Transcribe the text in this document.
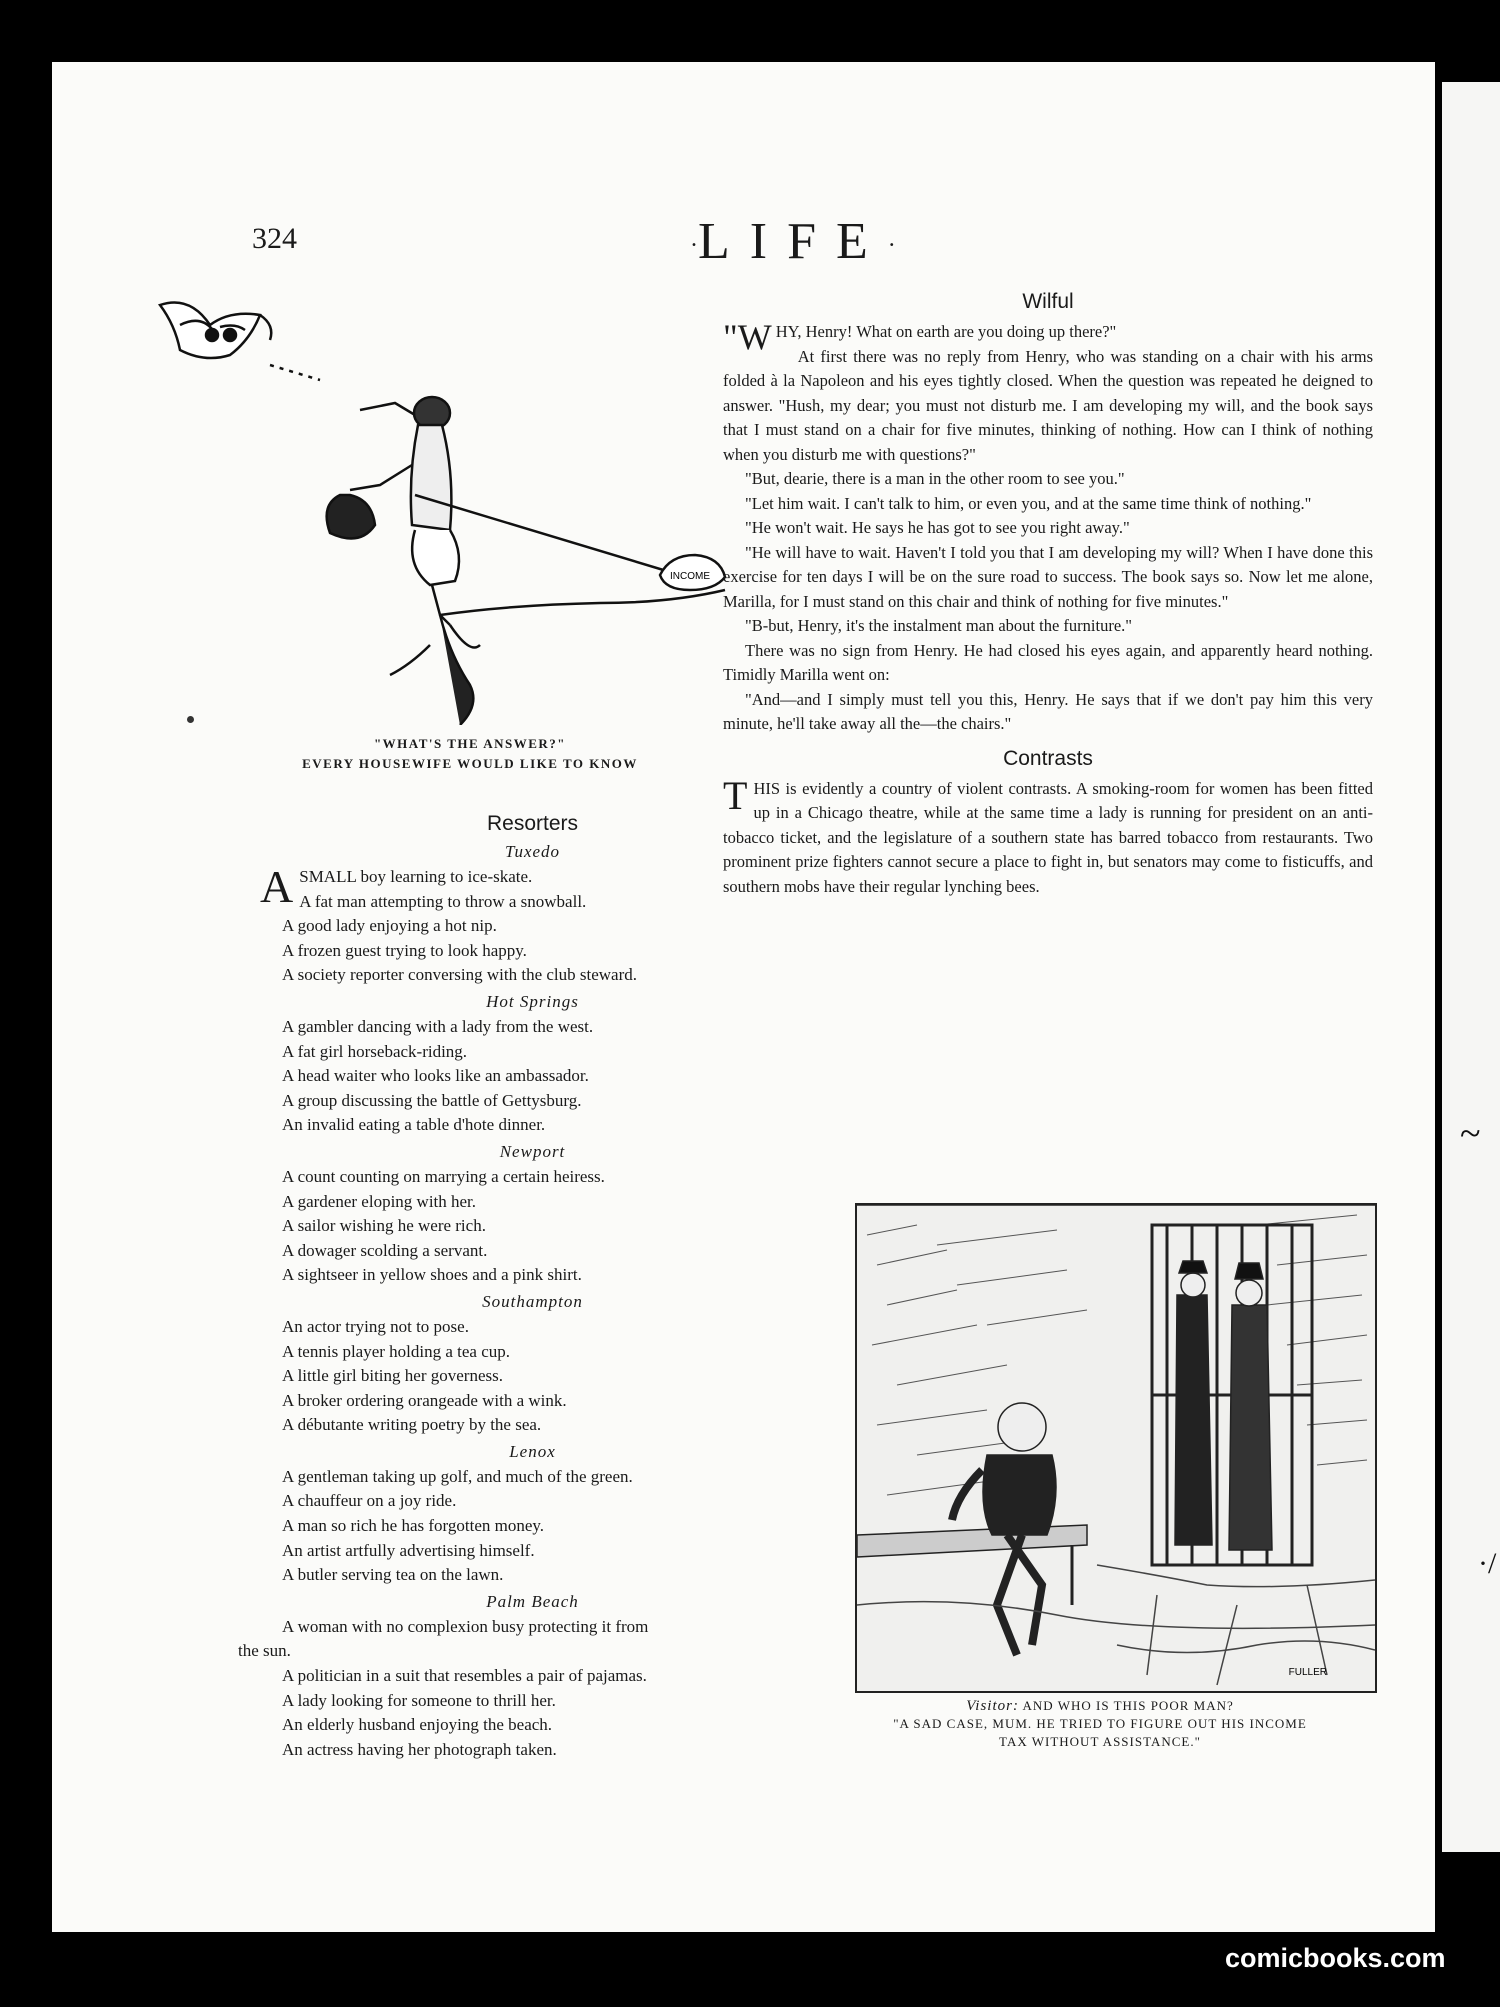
~
·/
324	·LIFE·
INCOME
"WHAT'S THE ANSWER?"
EVERY HOUSEWIFE WOULD LIKE TO KNOW
Resorters
Tuxedo
ASMALL boy learning to ice-skate.
A fat man attempting to throw a snowball.
A good lady enjoying a hot nip.
A frozen guest trying to look happy.
A society reporter conversing with the club steward.
Hot Springs
A gambler dancing with a lady from the west.
A fat girl horseback-riding.
A head waiter who looks like an ambassador.
A group discussing the battle of Gettysburg.
An invalid eating a table d'hote dinner.
Newport
A count counting on marrying a certain heiress.
A gardener eloping with her.
A sailor wishing he were rich.
A dowager scolding a servant.
A sightseer in yellow shoes and a pink shirt.
Southampton
An actor trying not to pose.
A tennis player holding a tea cup.
A little girl biting her governess.
A broker ordering orangeade with a wink.
A débutante writing poetry by the sea.
Lenox
A gentleman taking up golf, and much of the green.
A chauffeur on a joy ride.
A man so rich he has forgotten money.
An artist artfully advertising himself.
A butler serving tea on the lawn.
Palm Beach
A woman with no complexion busy protecting it from
the sun.
A politician in a suit that resembles a pair of pajamas.
A lady looking for someone to thrill her.
An elderly husband enjoying the beach.
An actress having her photograph taken.
Wilful

"WHY, Henry! What on earth are you doing up there?"

At first there was no reply from Henry, who was standing on a chair with his arms folded à la Napoleon and his eyes tightly closed. When the question was repeated he deigned to answer. "Hush, my dear; you must not disturb me. I am developing my will, and the book says that I must stand on a chair for five minutes, thinking of nothing. How can I think of nothing when you disturb me with questions?"

"But, dearie, there is a man in the other room to see you."

"Let him wait. I can't talk to him, or even you, and at the same time think of nothing."

"He won't wait. He says he has got to see you right away."

"He will have to wait. Haven't I told you that I am developing my will? When I have done this exercise for ten days I will be on the sure road to success. The book says so. Now let me alone, Marilla, for I must stand on this chair and think of nothing for five minutes."

"B-but, Henry, it's the instalment man about the furniture."

There was no sign from Henry. He had closed his eyes again, and apparently heard nothing. Timidly Marilla went on:

"And—and I simply must tell you this, Henry. He says that if we don't pay him this very minute, he'll take away all the—the chairs."

Contrasts

THIS is evidently a country of violent contrasts. A smoking-room for women has been fitted up in a Chicago theatre, while at the same time a lady is running for president on an anti-tobacco ticket, and the legislature of a southern state has barred tobacco from restaurants. Two prominent prize fighters cannot secure a place to fight in, but senators may come to fisticuffs, and southern mobs have their regular lynching bees.

FULLER
Visitor: AND WHO IS THIS POOR MAN?
"A SAD CASE, MUM. HE TRIED TO FIGURE OUT HIS INCOME
TAX WITHOUT ASSISTANCE."
comicbooks.com
